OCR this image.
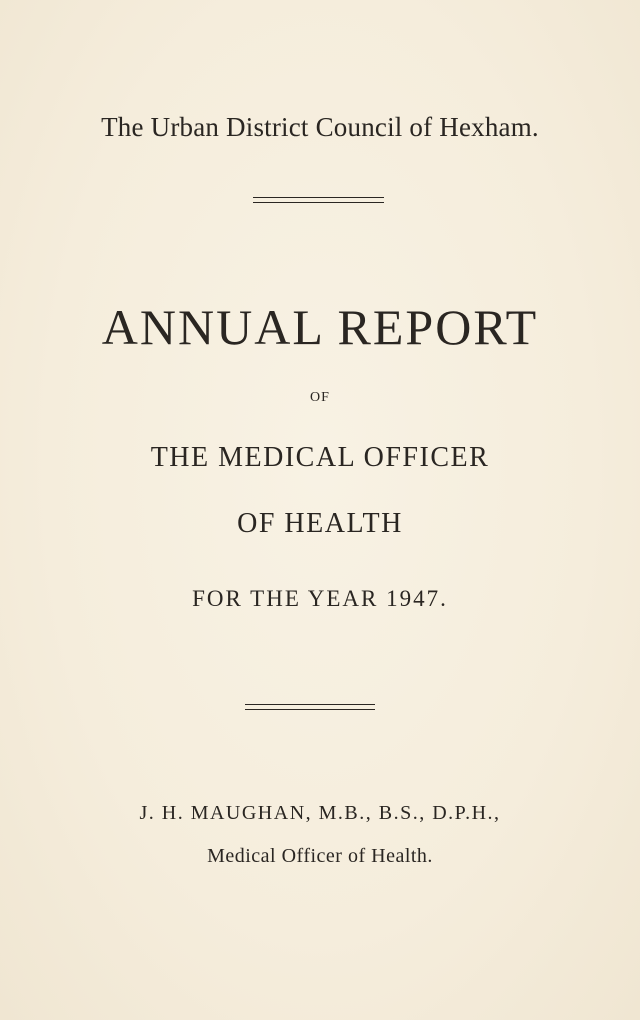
The Urban District Council of Hexham.
ANNUAL REPORT
OF
THE MEDICAL OFFICER
OF HEALTH
FOR THE YEAR 1947.
J. H. MAUGHAN, M.B., B.S., D.P.H.,
Medical Officer of Health.
